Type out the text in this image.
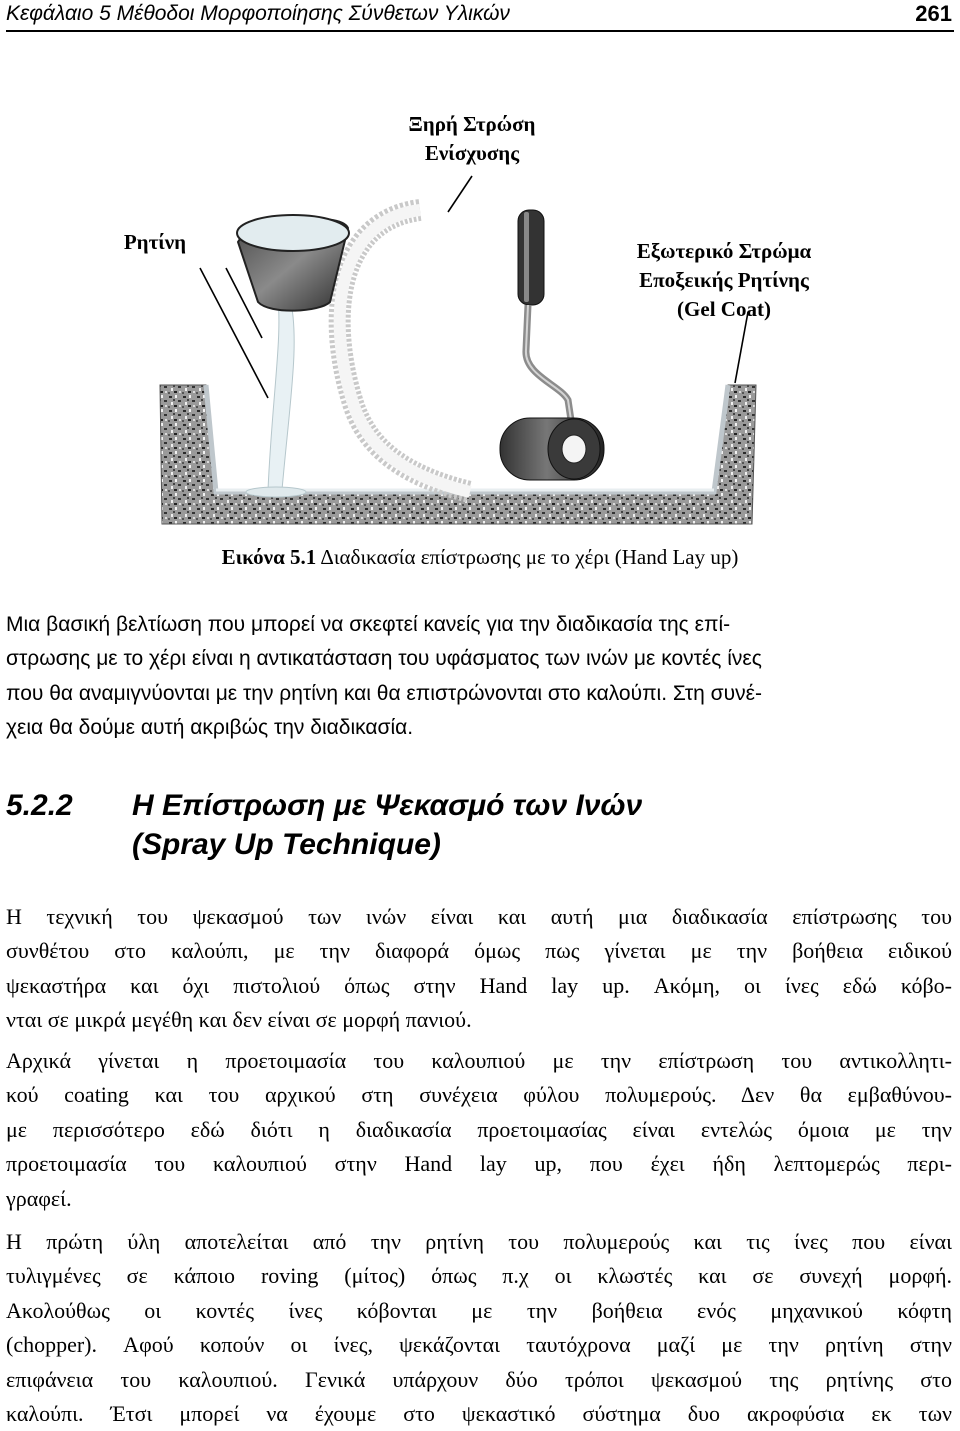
Κεφάλαιο 5 Μέθοδοι Μορφοποίησης Σύνθετων Υλικών	261
Ξηρή Στρώση
Ενίσχυσης
Ρητίνη	Εξωτερικό Στρώμα
Εποξεικής Ρητίνης
(Gel Coat)
Εικόνα 5.1 Διαδικασία επίστρωσης με το χέρι (Hand Lay up)
Μια βασική βελτίωση που μπορεί να σκεφτεί κανείς για την διαδικασία της επί-
στρωσης με το χέρι είναι η αντικατάσταση του υφάσματος των ινών με κοντές ίνες
που θα αναμιγνύονται με την ρητίνη και θα επιστρώνονται στο καλούπι. Στη συνέ-
χεια θα δούμε αυτή ακριβώς την διαδικασία.
5.2.2 Η Επίστρωση με Ψεκασμό των Ινών
(Spray Up Technique)
Η τεχνική του ψεκασμού των ινών είναι και αυτή μια διαδικασία επίστρωσης του
συνθέτου στο καλούπι, με την διαφορά όμως πως γίνεται με την βοήθεια ειδικού
ψεκαστήρα και όχι πιστολιού όπως στην Hand lay up. Ακόμη, οι ίνες εδώ κόβο-
νται σε μικρά μεγέθη και δεν είναι σε μορφή πανιού.
Αρχικά γίνεται η προετοιμασία του καλουπιού με την επίστρωση του αντικολλητι-
κού coating και του αρχικού στη συνέχεια φύλου πολυμερούς. Δεν θα εμβαθύνου-
με περισσότερο εδώ διότι η διαδικασία προετοιμασίας είναι εντελώς όμοια με την
προετοιμασία του καλουπιού στην Hand lay up, που έχει ήδη λεπτομερώς περι-
γραφεί.
Η πρώτη ύλη αποτελείται από την ρητίνη του πολυμερούς και τις ίνες που είναι
τυλιγμένες σε κάποιο roving (μίτος) όπως π.χ οι κλωστές και σε συνεχή μορφή.
Ακολούθως οι κοντές ίνες κόβονται με την βοήθεια ενός μηχανικού κόφτη
(chopper). Αφού κοπούν οι ίνες, ψεκάζονται ταυτόχρονα μαζί με την ρητίνη στην
επιφάνεια του καλουπιού. Γενικά υπάρχουν δύο τρόποι ψεκασμού της ρητίνης στο
καλούπι. Έτσι μπορεί να έχουμε στο ψεκαστικό σύστημα δυο ακροφύσια εκ των
